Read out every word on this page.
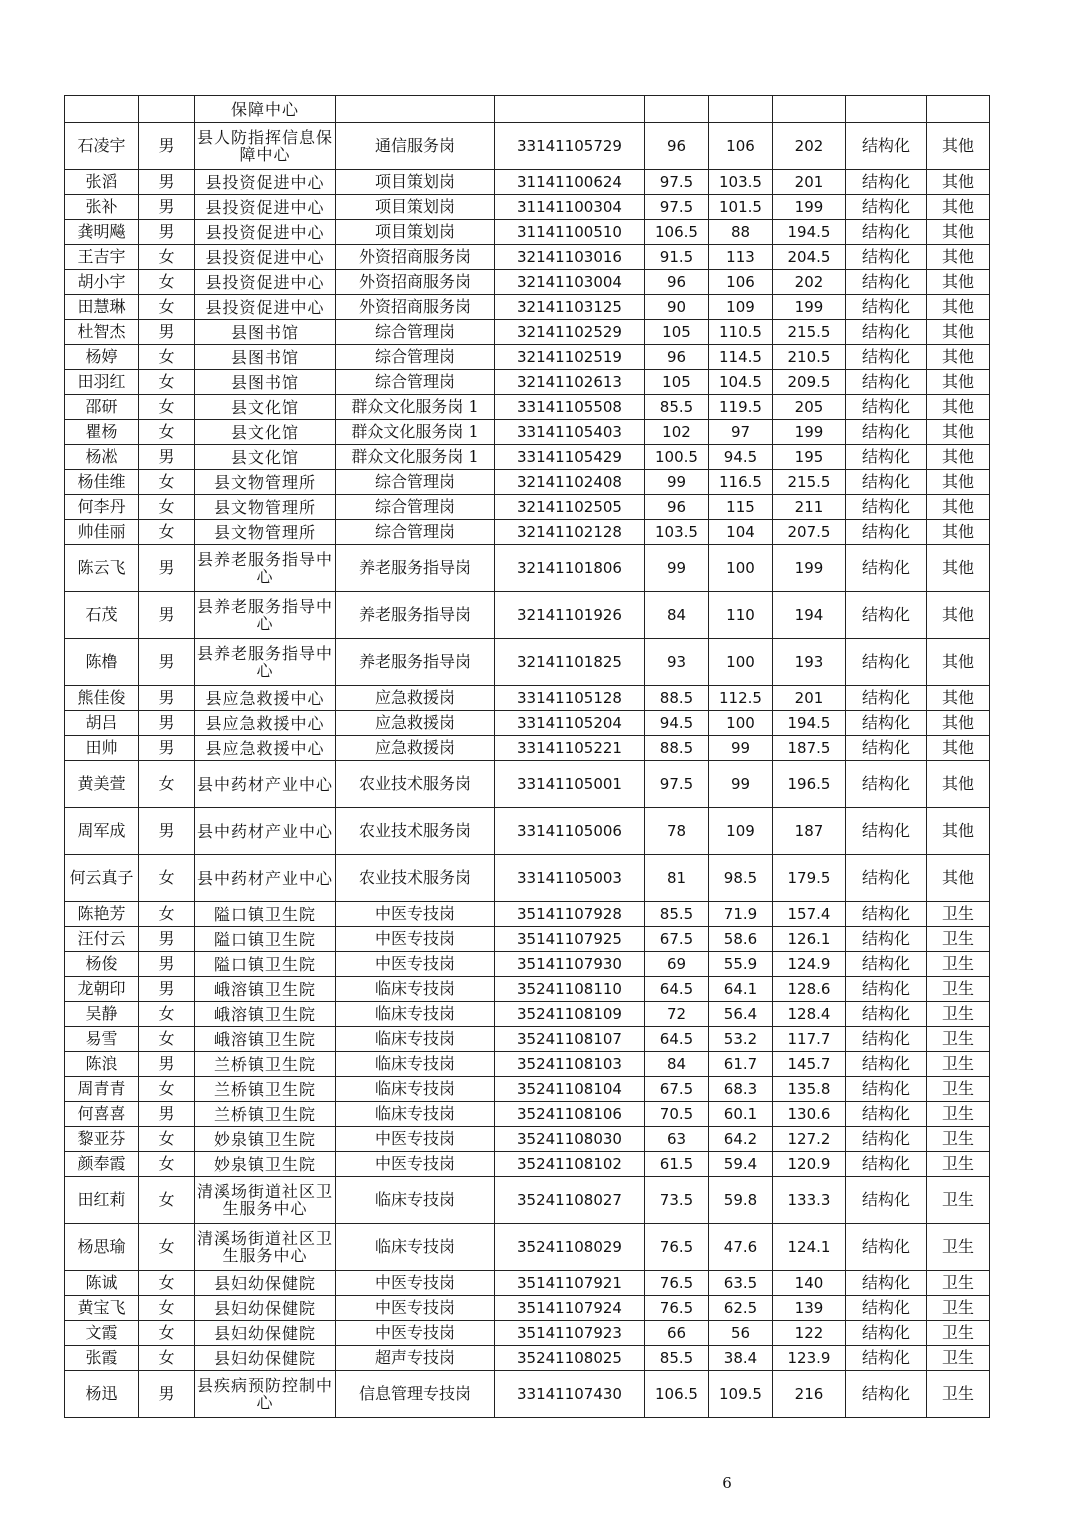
		保障中心							
石凌宇	男	县人防指挥信息保障中心	通信服务岗	33141105729	96	106	202	结构化	其他
张滔	男	县投资促进中心	项目策划岗	31141100624	97.5	103.5	201	结构化	其他
张补	男	县投资促进中心	项目策划岗	31141100304	97.5	101.5	199	结构化	其他
龚明飚	男	县投资促进中心	项目策划岗	31141100510	106.5	88	194.5	结构化	其他
王吉宇	女	县投资促进中心	外资招商服务岗	32141103016	91.5	113	204.5	结构化	其他
胡小宇	女	县投资促进中心	外资招商服务岗	32141103004	96	106	202	结构化	其他
田慧琳	女	县投资促进中心	外资招商服务岗	32141103125	90	109	199	结构化	其他
杜智杰	男	县图书馆	综合管理岗	32141102529	105	110.5	215.5	结构化	其他
杨婷	女	县图书馆	综合管理岗	32141102519	96	114.5	210.5	结构化	其他
田羽红	女	县图书馆	综合管理岗	32141102613	105	104.5	209.5	结构化	其他
邵研	女	县文化馆	群众文化服务岗 1	33141105508	85.5	119.5	205	结构化	其他
瞿杨	女	县文化馆	群众文化服务岗 1	33141105403	102	97	199	结构化	其他
杨凇	男	县文化馆	群众文化服务岗 1	33141105429	100.5	94.5	195	结构化	其他
杨佳维	女	县文物管理所	综合管理岗	32141102408	99	116.5	215.5	结构化	其他
何李丹	女	县文物管理所	综合管理岗	32141102505	96	115	211	结构化	其他
帅佳丽	女	县文物管理所	综合管理岗	32141102128	103.5	104	207.5	结构化	其他
陈云飞	男	县养老服务指导中心	养老服务指导岗	32141101806	99	100	199	结构化	其他
石茂	男	县养老服务指导中心	养老服务指导岗	32141101926	84	110	194	结构化	其他
陈橹	男	县养老服务指导中心	养老服务指导岗	32141101825	93	100	193	结构化	其他
熊佳俊	男	县应急救援中心	应急救援岗	33141105128	88.5	112.5	201	结构化	其他
胡吕	男	县应急救援中心	应急救援岗	33141105204	94.5	100	194.5	结构化	其他
田帅	男	县应急救援中心	应急救援岗	33141105221	88.5	99	187.5	结构化	其他
黄美萱	女	县中药材产业中心	农业技术服务岗	33141105001	97.5	99	196.5	结构化	其他
周军成	男	县中药材产业中心	农业技术服务岗	33141105006	78	109	187	结构化	其他
何云真子	女	县中药材产业中心	农业技术服务岗	33141105003	81	98.5	179.5	结构化	其他
陈艳芳	女	隘口镇卫生院	中医专技岗	35141107928	85.5	71.9	157.4	结构化	卫生
汪付云	男	隘口镇卫生院	中医专技岗	35141107925	67.5	58.6	126.1	结构化	卫生
杨俊	男	隘口镇卫生院	中医专技岗	35141107930	69	55.9	124.9	结构化	卫生
龙朝印	男	峨溶镇卫生院	临床专技岗	35241108110	64.5	64.1	128.6	结构化	卫生
吴静	女	峨溶镇卫生院	临床专技岗	35241108109	72	56.4	128.4	结构化	卫生
易雪	女	峨溶镇卫生院	临床专技岗	35241108107	64.5	53.2	117.7	结构化	卫生
陈浪	男	兰桥镇卫生院	临床专技岗	35241108103	84	61.7	145.7	结构化	卫生
周青青	女	兰桥镇卫生院	临床专技岗	35241108104	67.5	68.3	135.8	结构化	卫生
何喜喜	男	兰桥镇卫生院	临床专技岗	35241108106	70.5	60.1	130.6	结构化	卫生
黎亚芬	女	妙泉镇卫生院	中医专技岗	35241108030	63	64.2	127.2	结构化	卫生
颜奉霞	女	妙泉镇卫生院	中医专技岗	35241108102	61.5	59.4	120.9	结构化	卫生
田红莉	女	清溪场街道社区卫生服务中心	临床专技岗	35241108027	73.5	59.8	133.3	结构化	卫生
杨思瑜	女	清溪场街道社区卫生服务中心	临床专技岗	35241108029	76.5	47.6	124.1	结构化	卫生
陈诚	女	县妇幼保健院	中医专技岗	35141107921	76.5	63.5	140	结构化	卫生
黄宝飞	女	县妇幼保健院	中医专技岗	35141107924	76.5	62.5	139	结构化	卫生
文霞	女	县妇幼保健院	中医专技岗	35141107923	66	56	122	结构化	卫生
张霞	女	县妇幼保健院	超声专技岗	35241108025	85.5	38.4	123.9	结构化	卫生
杨迅	男	县疾病预防控制中心	信息管理专技岗	33141107430	106.5	109.5	216	结构化	卫生
6
